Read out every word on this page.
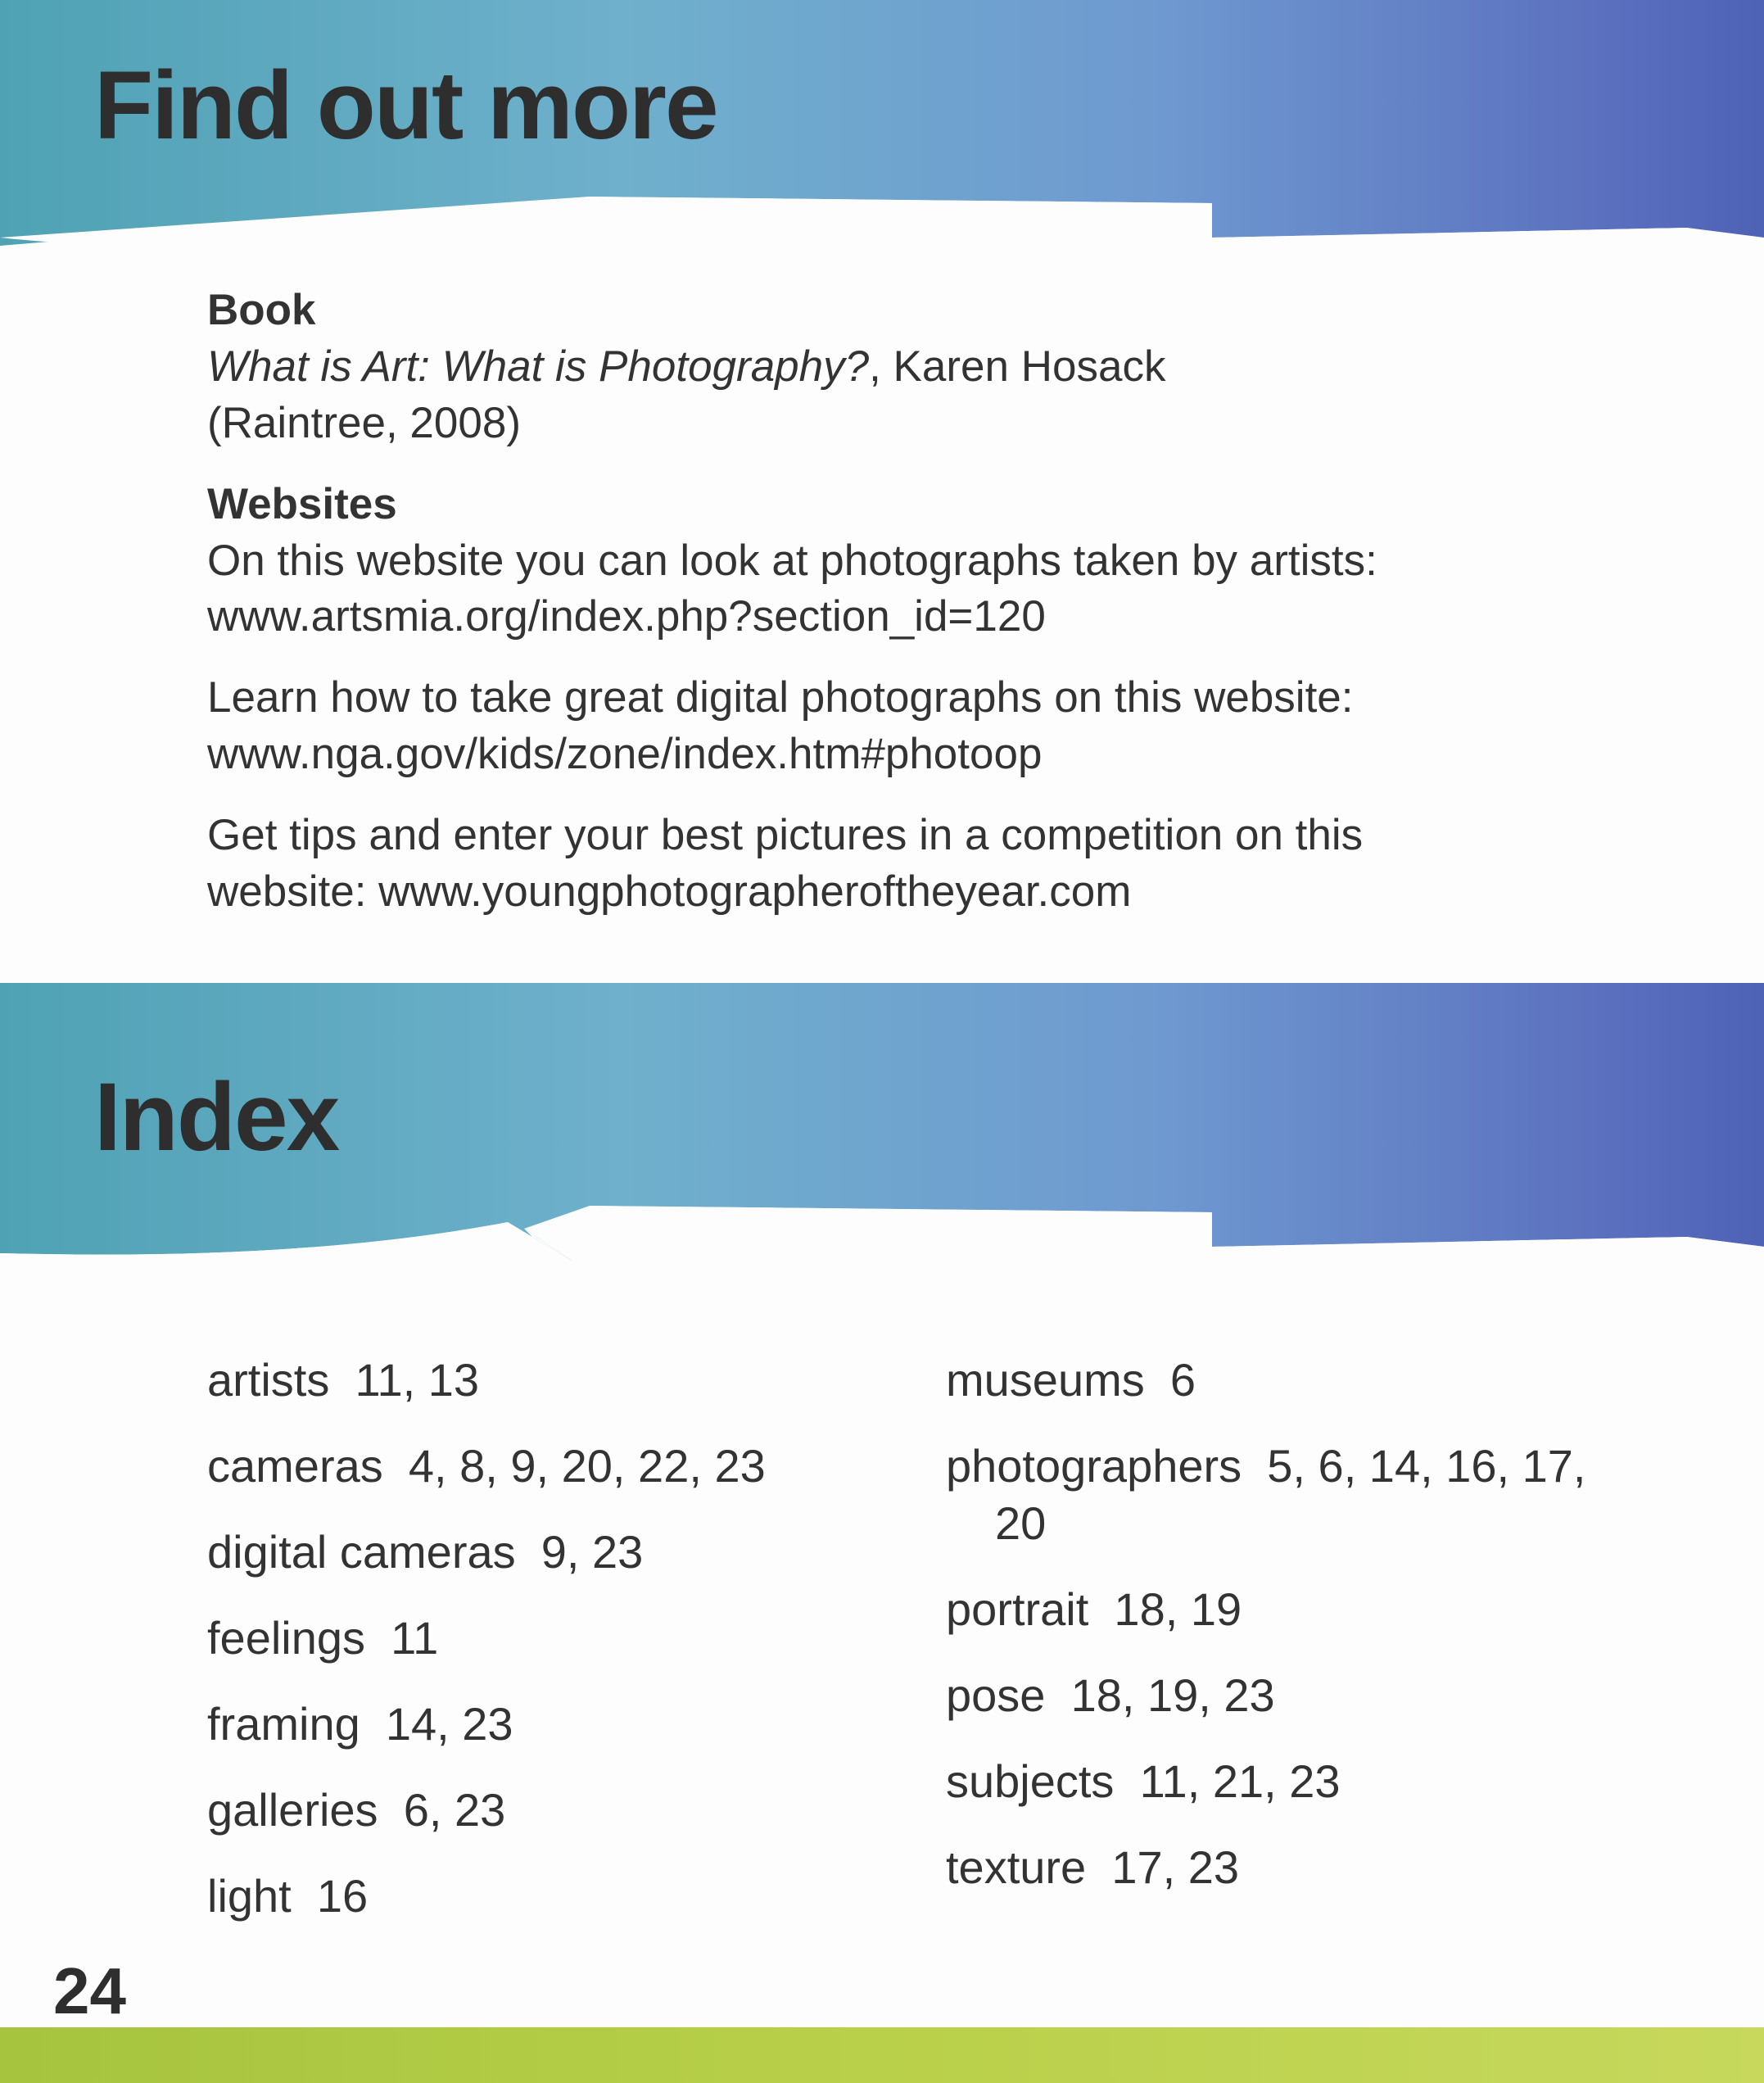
Find out more

Book

What is Art: What is Photography?, Karen Hosack

(Raintree, 2008)

Websites

On this website you can look at photographs taken by artists:

www.artsmia.org/index.php?section_id=120

Learn how to take great digital photographs on this website:

www.nga.gov/kids/zone/index.htm#photoop

Get tips and enter your best pictures in a competition on this

website: www.youngphotographeroftheyear.com

Index
artists 11, 13
cameras 4, 8, 9, 20, 22, 23
digital cameras 9, 23
feelings 11
framing 14, 23
galleries 6, 23
light 16
museums 6
photographers 5, 6, 14, 16, 17,
20
portrait 18, 19
pose 18, 19, 23
subjects 11, 21, 23
texture 17, 23
24
